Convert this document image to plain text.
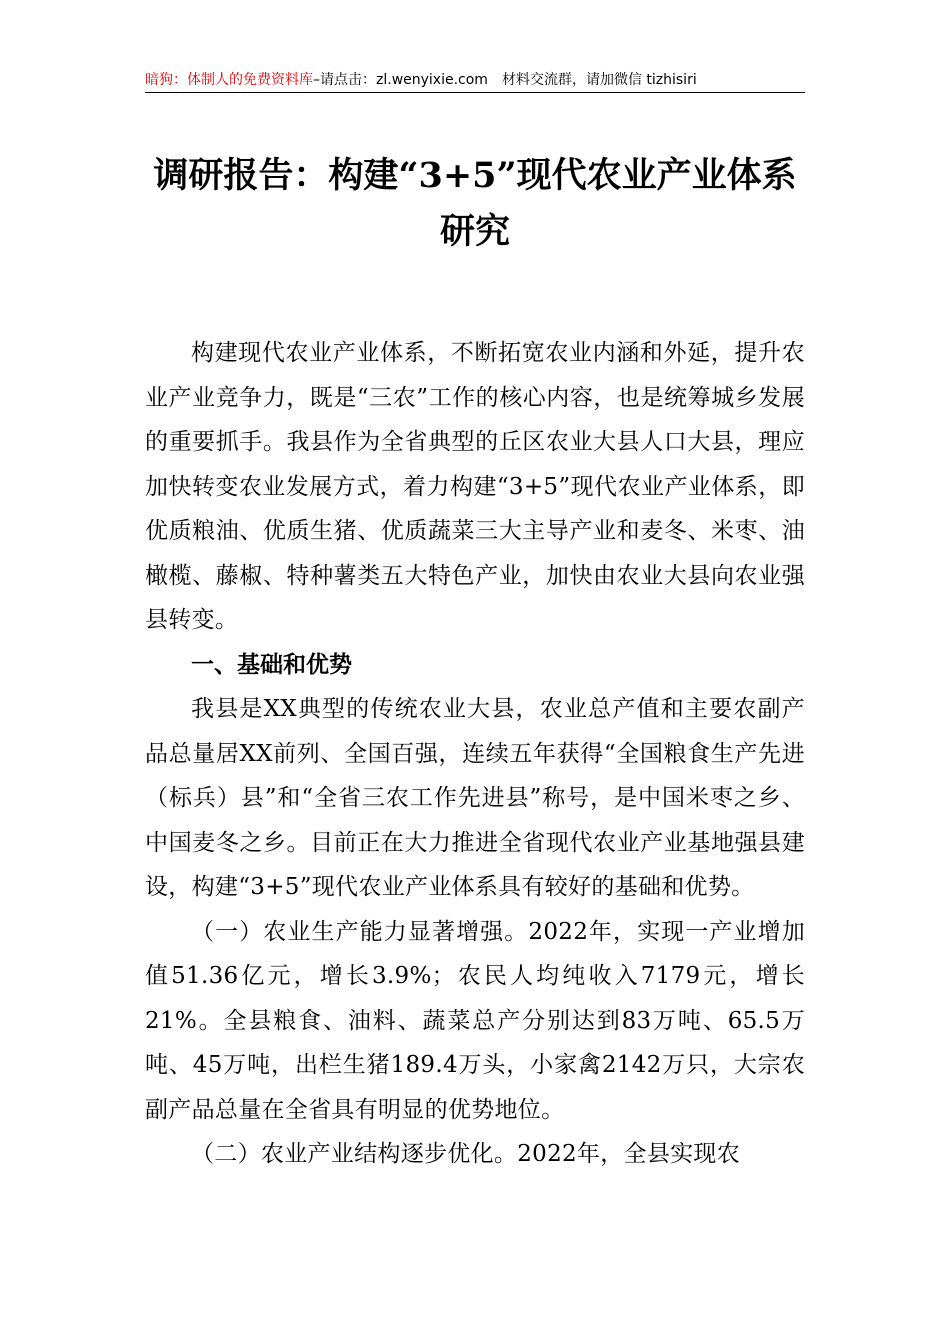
暗狗：体制人的免费资料库–请点击：zl.wenyixie.com 材料交流群，请加微信 tizhisiri
调研报告：构建“3+5”现代农业产业体系
研究

构建现代农业产业体系，不断拓宽农业内涵和外延，提升农业产业竞争力，既是“三农”工作的核心内容，也是统筹城乡发展的重要抓手。我县作为全省典型的丘区农业大县人口大县，理应加快转变农业发展方式，着力构建“3+5”现代农业产业体系，即优质粮油、优质生猪、优质蔬菜三大主导产业和麦冬、米枣、油橄榄、藤椒、特种薯类五大特色产业，加快由农业大县向农业强县转变。

一、基础和优势

我县是XX典型的传统农业大县，农业总产值和主要农副产品总量居XX前列、全国百强，连续五年获得“全国粮食生产先进（标兵）县”和“全省三农工作先进县”称号，是中国米枣之乡、中国麦冬之乡。目前正在大力推进全省现代农业产业基地强县建设，构建“3+5”现代农业产业体系具有较好的基础和优势。

（一）农业生产能力显著增强。2022年，实现一产业增加值51.36亿元，增长3.9%；农民人均纯收入7179元，增长21%。全县粮食、油料、蔬菜总产分别达到83万吨、65.5万吨、45万吨，出栏生猪189.4万头，小家禽2142万只，大宗农副产品总量在全省具有明显的优势地位。

（二）农业产业结构逐步优化。2022年，全县实现农
